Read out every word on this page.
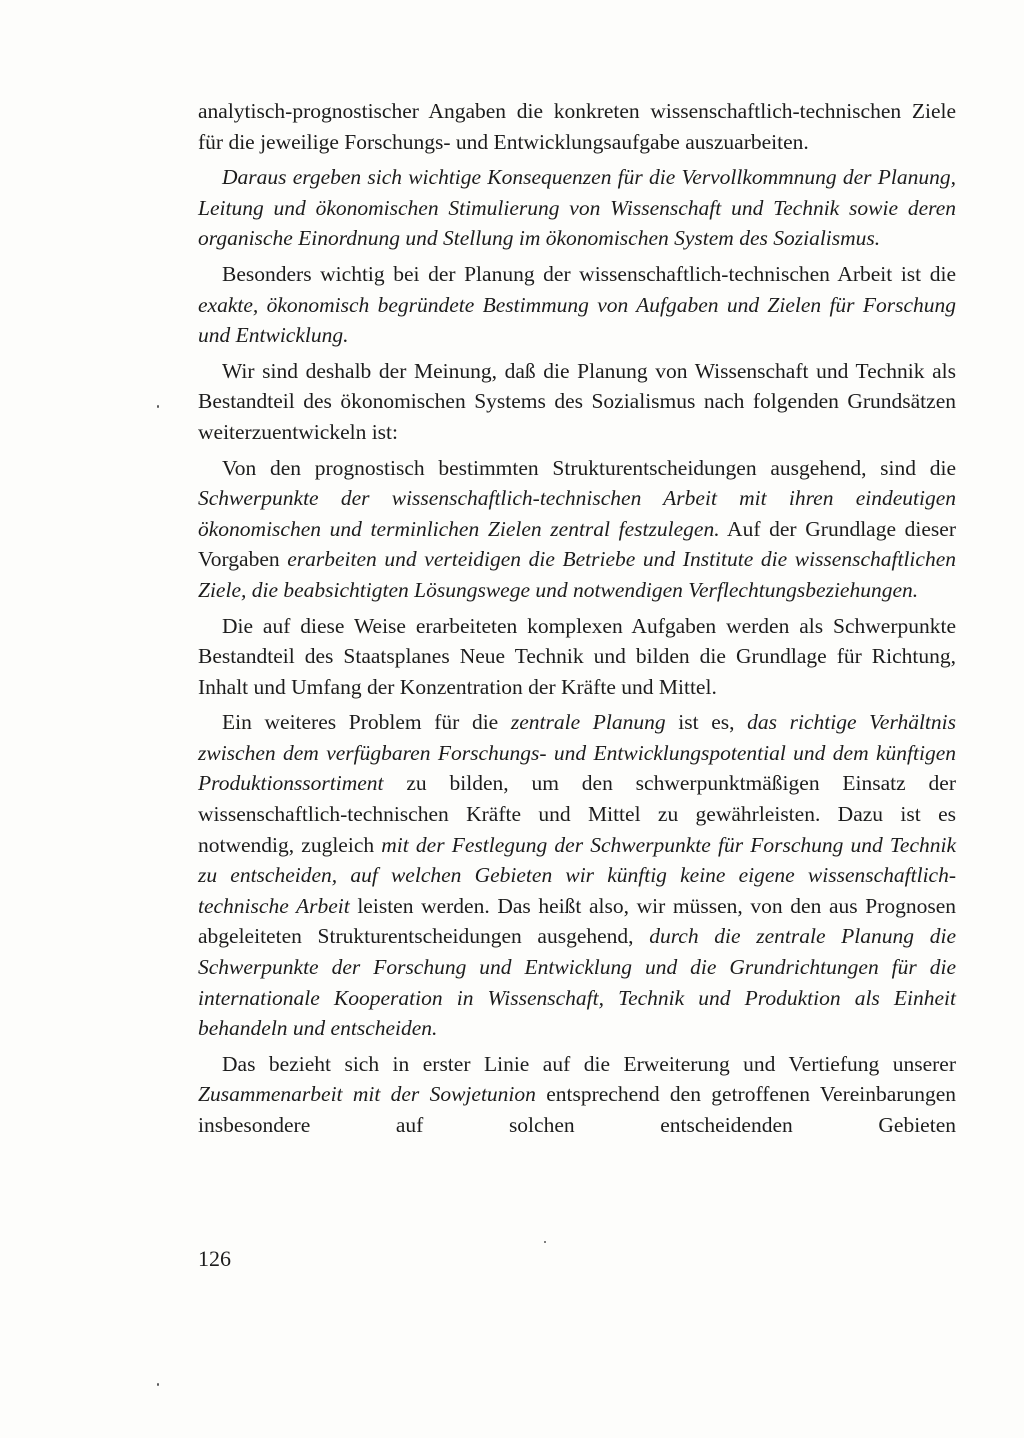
analytisch-prognostischer Angaben die konkreten wissenschaftlich-technischen Ziele für die jeweilige Forschungs- und Entwicklungsaufgabe auszuarbeiten.

Daraus ergeben sich wichtige Konsequenzen für die Vervollkommnung der Planung, Leitung und ökonomischen Stimulierung von Wissenschaft und Technik sowie deren organische Einordnung und Stellung im ökonomischen System des Sozialismus.

Besonders wichtig bei der Planung der wissenschaftlich-technischen Arbeit ist die exakte, ökonomisch begründete Bestimmung von Aufgaben und Zielen für Forschung und Entwicklung.

Wir sind deshalb der Meinung, daß die Planung von Wissenschaft und Technik als Bestandteil des ökonomischen Systems des Sozialismus nach folgenden Grundsätzen weiterzuentwickeln ist:

Von den prognostisch bestimmten Strukturentscheidungen ausgehend, sind die Schwerpunkte der wissenschaftlich-technischen Arbeit mit ihren eindeutigen ökonomischen und terminlichen Zielen zentral festzulegen. Auf der Grundlage dieser Vorgaben erarbeiten und verteidigen die Betriebe und Institute die wissenschaftlichen Ziele, die beabsichtigten Lösungswege und notwendigen Verflechtungsbeziehungen.

Die auf diese Weise erarbeiteten komplexen Aufgaben werden als Schwerpunkte Bestandteil des Staatsplanes Neue Technik und bilden die Grundlage für Richtung, Inhalt und Umfang der Konzentration der Kräfte und Mittel.

Ein weiteres Problem für die zentrale Planung ist es, das richtige Verhältnis zwischen dem verfügbaren Forschungs- und Entwicklungspotential und dem künftigen Produktionssortiment zu bilden, um den schwerpunktmäßigen Einsatz der wissenschaftlich-technischen Kräfte und Mittel zu gewährleisten. Dazu ist es notwendig, zugleich mit der Festlegung der Schwerpunkte für Forschung und Technik zu entscheiden, auf welchen Gebieten wir künftig keine eigene wissenschaftlich-technische Arbeit leisten werden. Das heißt also, wir müssen, von den aus Prognosen abgeleiteten Strukturentscheidungen ausgehend, durch die zentrale Planung die Schwerpunkte der Forschung und Entwicklung und die Grundrichtungen für die internationale Kooperation in Wissenschaft, Technik und Produktion als Einheit behandeln und entscheiden.

Das bezieht sich in erster Linie auf die Erweiterung und Vertiefung unserer Zusammenarbeit mit der Sowjetunion entsprechend den getroffenen Vereinbarungen insbesondere auf solchen entscheidenden Gebieten

126
